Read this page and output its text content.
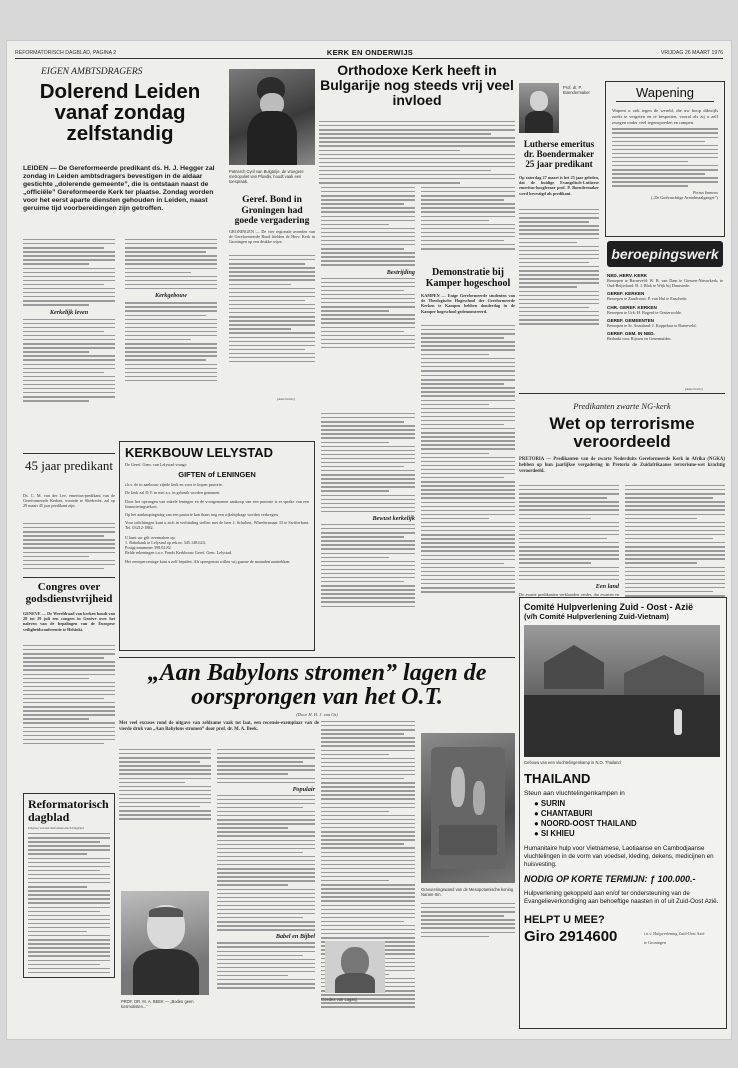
REFORMATORISCH DAGBLAD, PAGINA 2	KERK EN ONDERWIJS	VRIJDAG 26 MAART 1976
EIGEN AMBTSDRAGERS
Dolerend Leiden vanaf zondag zelfstandig
LEIDEN — De Gereformeerde predikant ds. H. J. Hegger zal zondag in Leiden ambtsdragers bevestigen in de aldaar gestichte „dolerende gemeente”, die is ontstaan naast de „officiële” Gereformeerde Kerk ter plaatse. Zondag worden voor het eerst aparte diensten gehouden in Leiden, naast geruime tijd voorbereidingen zijn getroffen.
Kerkelijk leven
Kerkgebouw
45 jaar predikant
Ds. C. M. van der Lee, emeritus-predikant van de Gereformeerde Kerken, woonde te Sliedrecht, zal op 29 maart 45 jaar predikant zijn.
Congres over godsdienstvrijheid
GENEVE — De Wereldraad van kerken houdt van 28 tot 29 juli een congres in Genève over het naleven van de bepalingen van de Europese veiligheidsconferentie te Helsinki.
Reformatorisch dagblad
Uitgave van het Reformatorisch Dagblad
Patriarch Cyril van Bulgarije, de vroegere metropoliet van Plovdiv, houdt vaak een toespraak.
Orthodoxe Kerk heeft in Bulgarije nog steeds vrij veel invloed
Geref. Bond in Groningen had goede vergadering
GRONINGEN — De vier regionale avonden van de Gereformeerde Bond hielden de Herv. Kerk in Groningen op een drukke wijze.
(Advertentie)
Bestrijding	Demonstratie bij Kamper hogeschool
KAMPEN — Enige Gereformeerde studenten van de Theologische Hogeschool der Gereformeerde Kerken te Kampen hebben donderdag in de Kamper hogeschool gedemonstreerd.
Prof. dr. P. Boendermaker
Lutherse emeritus dr. Boendermaker 25 jaar predikant
Op zaterdag 27 maart is het 25 jaar geleden, dat de huidige Evangelisch-Lutherse emeritus-hoogleraar prof. P. Boendermaker werd bevestigd als predikant.
Wapening
Wapent u ook tegen de wereld, die uw hoop dikwijls zoekt te vergeten en te bespotten, vooral als zij u zelf zwegen onder veel tegenspoeden en rampen.
Petrus Immens
(„De Godvruchtige Avondmaalganger”)
beroepingswerk
NED. HERV. KERK
Beroepen te Barneveld: W. B. van Dam te Giessen-Nieuwkerk; te Oud-Beijerland: B. J. Blok te Wijk bij Duurstede.
GEREF. KERKEN
Beroepen te Zandvoort: P. van Hul te Enschede.
CHR. GEREF. KERKEN
Beroepen te Urk: H. Bogerd te Oosterwolde.
GEREF. GEMEENTEN
Beroepen te St. Annaland: J. Koppelaar te Barneveld.
GEREF. GEM. IN NED.
Bedankt voor Rijssen en Genemuiden.
(Advertentie)
KERKBOUW LELYSTAD
De Geref. Gem. van Lelystad vraagt:
GIFTEN of LENINGEN
t.b.v. de in aanbouw zijnde kerk en voor te kopen pastorie.
De kerk zal D.V. in mei a.s. in gebruik worden genomen.
Door het opvangen van enkele leningen en de voorgenomen aankoop van een pastorie is er sprake van een financieringstekort.
Op het aanknopingsdag van een pastorie kan thans nog een rijksbijdrage worden verkregen.
Voor inlichtingen kunt u zich in verbinding stellen met de heer J. Scholten, Wheelersmaat 33 te Swifterbant. Tel. 03212-1882.
U kunt uw gift overmaken op:
1. Rabobank te Lelystad op rek.nr. 345.148.624,
Postgironummer 398.02.82
Belde rekeningen t.n.v. Fonds Kerkbouw Geref. Gem. Lelystad.
Het rentepercentage kunt u zelf bepalen. Als opeegemin willen wij gaarne de maanden aantrekken.
Bewust kerkelijk
Predikanten zwarte NG-kerk
Wet op terrorisme veroordeeld
PRETORIA — Predikanten van de zwarte Nederduits Gereformeerde Kerk in Afrika (NGKA) hebben op hun jaarlijkse vergadering in Pretoria de Zuidafrikaanse terrorisme-wet krachtig veroordeeld.
Een land
De zwarte predikanten verklaarden verder, dat zwarten en
„Aan Babylons stromen” lagen de oorsprongen van het O.T.
(Door H. H. J. van Os)
Met veel excuses rond de uitgave van zeldzame vaak tot laat, een recensie-exemplaar van de vierde druk van „Aan Babylons stromen” door prof. dr. M. A. Beek.
Populair
Babel en Bijbel
PROF. DR. M. A. BEEK — „Boden geen kosmotisten...”
Gravureringswand van de Mesopotamische koning Naram-Sin.
Goedea van Lagasj.
Comité Hulpverlening Zuid - Oost - Azië
(v/h Comité Hulpverlening Zuid-Vietnam)
Gebouw van een vluchtelingenkamp in N.O. Thailand
THAILAND
Steun aan vluchtelingenkampen in
● SURIN
● CHANTABURI
● NOORD-OOST THAILAND
● SI KHIEU
Humanitaire hulp voor Vietnamese, Laotiaanse en Cambodjaanse vluchtelingen in de vorm van voedsel, kleding, dekens, medicijnen en huisvesting.
NODIG OP KORTE TERMIJN: ƒ 100.000.-
Hulpverlening gekoppeld aan en/of ter ondersteuning van de Evangelieverkondiging aan behoeftige naasten in of uit Zuid-Oost Azië.
HELPT U MEE?
Giro 2914600	t.n.v. Hulpverlening Zuid-Oost Azië
te Groningen
